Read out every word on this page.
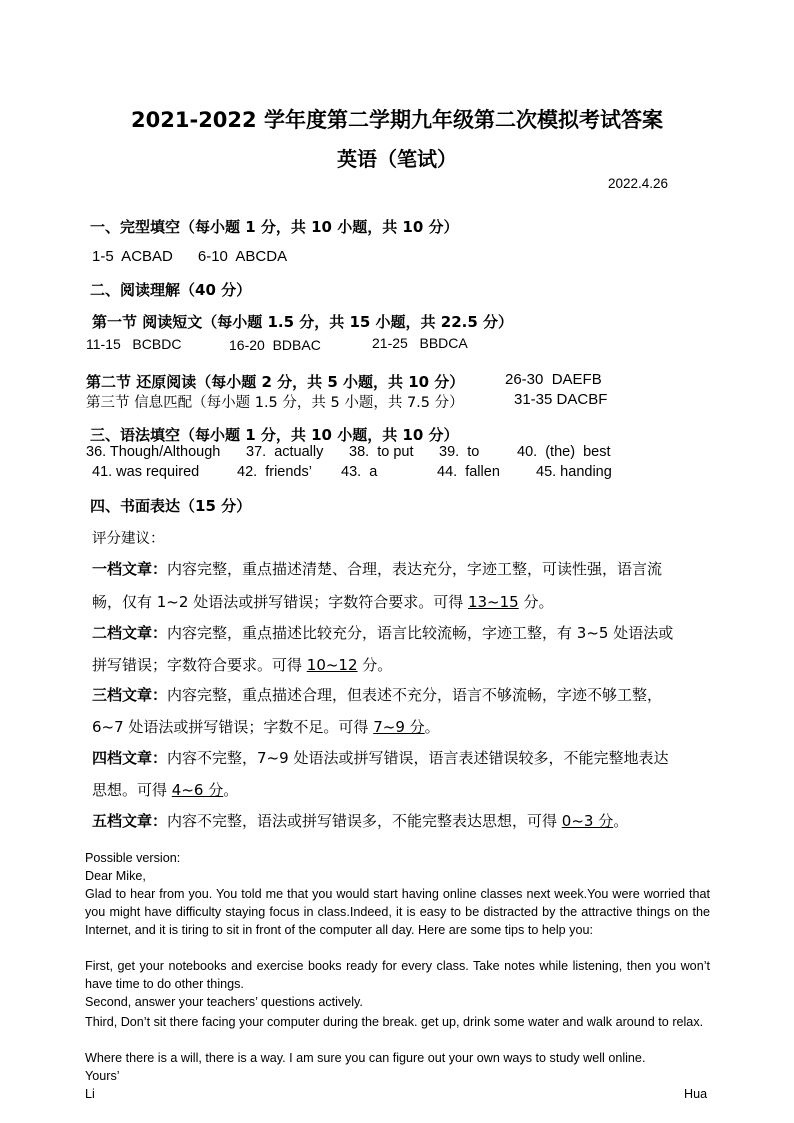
2021-2022 学年度第二学期九年级第二次模拟考试答案
英语（笔试）
2022.4.26
一、完型填空（每小题 1 分，共 10 小题，共 10 分）
1-5  ACBAD      6-10  ABCDA
二、阅读理解（40 分）
第一节 阅读短文（每小题 1.5 分，共 15 小题，共 22.5 分）
11-15   BCBDC	16-20  BDBAC	21-25   BBDCA
第二节 还原阅读（每小题 2 分，共 5 小题，共 10 分）	26-30  DAEFB
第三节 信息匹配（每小题 1.5 分，共 5 小题，共 7.5 分）	31-35 DACBF
三、语法填空（每小题 1 分，共 10 小题，共 10 分）
36. Though/Although 37.  actually 38.  to put 39.  to	40.  (the)  best
41. was required	42.  friends’ 43.  a	44.  fallen 45. handing
四、书面表达（15 分）
评分建议：
一档文章：内容完整，重点描述清楚、合理，表达充分，字迹工整，可读性强，语言流
畅，仅有 1~2 处语法或拼写错误；字数符合要求。可得 13~15 分。
二档文章：内容完整，重点描述比较充分，语言比较流畅，字迹工整，有 3~5 处语法或
拼写错误；字数符合要求。可得 10~12 分。
三档文章：内容完整，重点描述合理，但表述不充分，语言不够流畅，字迹不够工整，
6~7 处语法或拼写错误；字数不足。可得 7~9 分。
四档文章：内容不完整，7~9 处语法或拼写错误，语言表述错误较多，不能完整地表达
思想。可得 4~6 分。
五档文章：内容不完整，语法或拼写错误多，不能完整表达思想，可得 0~3 分。
Possible version:
Dear Mike,
Glad to hear from you. You told me that you would start having online classes next week.You were worried that you might have difficulty staying focus in class.Indeed, it is easy to be distracted by the attractive things on the Internet, and it is tiring to sit in front of the computer all day. Here are some tips to help you:
First, get your notebooks and exercise books ready for every class. Take notes while listening, then you won’t have time to do other things.
Second, answer your teachers’ questions actively.
Third, Don’t sit there facing your computer during the break. get up, drink some water and walk around to relax.
Where there is a will, there is a way. I am sure you can figure out your own ways to study well online.
Yours’
Li	Hua
